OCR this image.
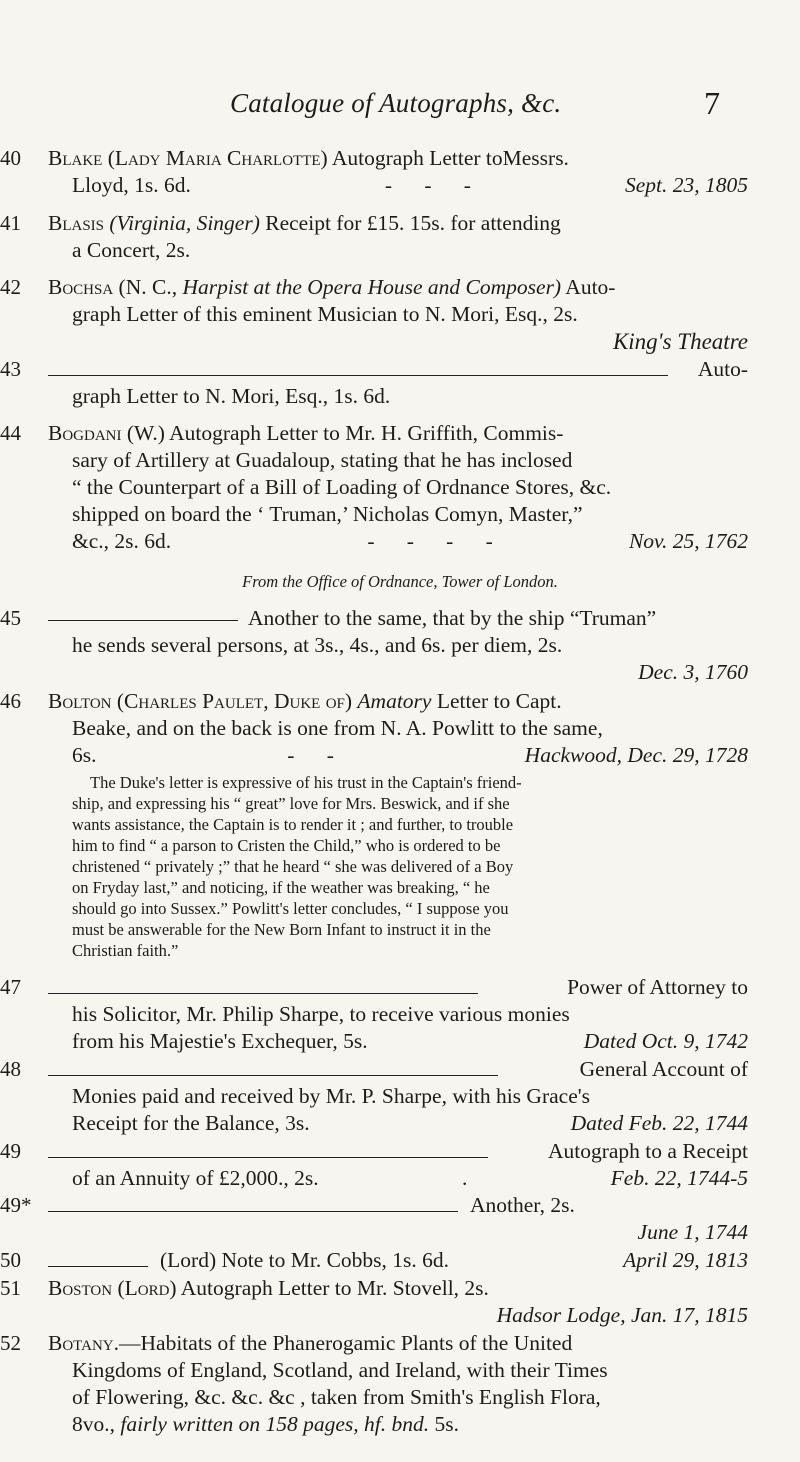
Catalogue of Autographs, &c.	7
40	Blake (Lady Maria Charlotte) Autograph Letter toMessrs.
Lloyd, 1s. 6d.	-      -      -	Sept. 23, 1805
41	Blasis (Virginia, Singer) Receipt for £15. 15s. for attending
a Concert, 2s.
42	Bochsa (N. C., Harpist at the Opera House and Composer) Auto-
graph Letter of this eminent Musician to N. Mori, Esq., 2s.
King's Theatre
43	Auto-
graph Letter to N. Mori, Esq., 1s. 6d.
44	Bogdani (W.) Autograph Letter to Mr. H. Griffith, Commis-
sary of Artillery at Guadaloup, stating that he has inclosed
“ the Counterpart of a Bill of Loading of Ordnance Stores, &c.
shipped on board the ‘ Truman,’ Nicholas Comyn, Master,”
&c., 2s. 6d.	-      -      -      -	Nov. 25, 1762
From the Office of Ordnance, Tower of London.
45	Another to the same, that by the ship “Truman”
he sends several persons, at 3s., 4s., and 6s. per diem, 2s.
Dec. 3, 1760
46	Bolton (Charles Paulet, Duke of) Amatory Letter to Capt.
Beake, and on the back is one from N. A. Powlitt to the same,
6s.	-      -	Hackwood, Dec. 29, 1728
The Duke's letter is expressive of his trust in the Captain's friend-
ship, and expressing his “ great” love for Mrs. Beswick, and if she
wants assistance, the Captain is to render it ; and further, to trouble
him to find “ a parson to Cristen the Child,” who is ordered to be
christened “ privately ;” that he heard “ she was delivered of a Boy
on Fryday last,” and noticing, if the weather was breaking, “ he
should go into Sussex.” Powlitt's letter concludes, “ I suppose you
must be answerable for the New Born Infant to instruct it in the
Christian faith.”
47	Power of Attorney to
his Solicitor, Mr. Philip Sharpe, to receive various monies
from his Majestie's Exchequer, 5s.	Dated Oct. 9, 1742
48	General Account of
Monies paid and received by Mr. P. Sharpe, with his Grace's
Receipt for the Balance, 3s.	Dated Feb. 22, 1744
49	Autograph to a Receipt
of an Annuity of £2,000., 2s.	.	Feb. 22, 1744-5
49*	Another, 2s.
June 1, 1744
50	(Lord) Note to Mr. Cobbs, 1s. 6d.	April 29, 1813
51	Boston (Lord) Autograph Letter to Mr. Stovell, 2s.
Hadsor Lodge, Jan. 17, 1815
52	Botany.—Habitats of the Phanerogamic Plants of the United
Kingdoms of England, Scotland, and Ireland, with their Times
of Flowering, &c. &c. &c , taken from Smith's English Flora,
8vo., fairly written on 158 pages, hf. bnd. 5s.
